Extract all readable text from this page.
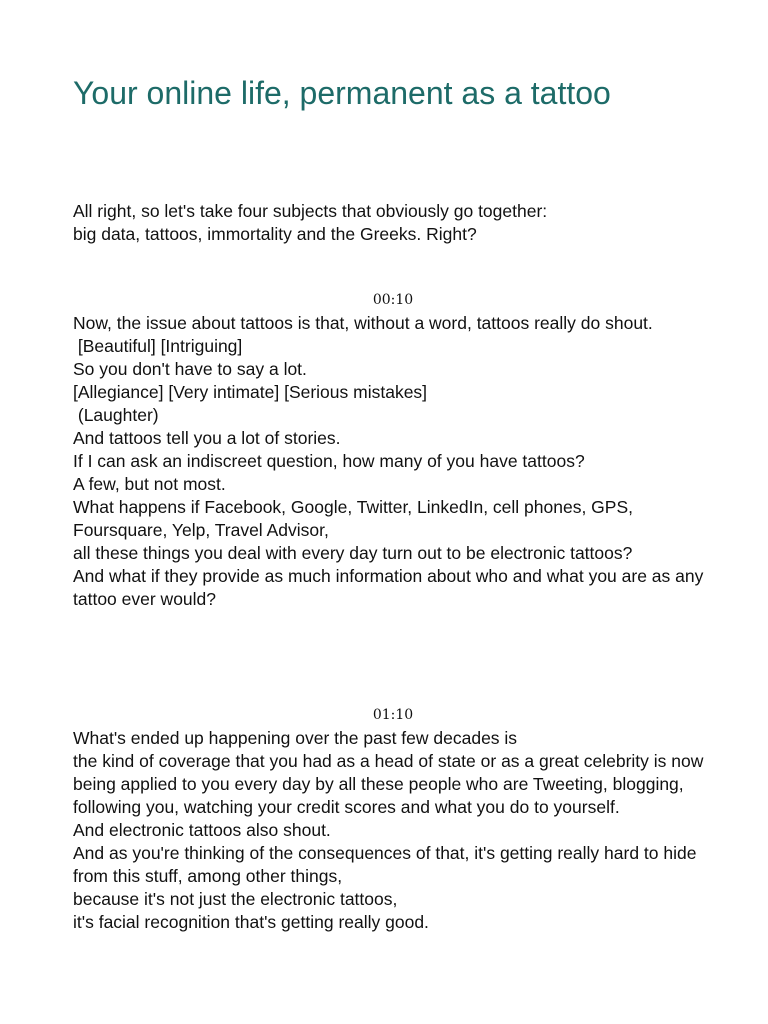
Your online life, permanent as a tattoo

All right, so let's take four subjects that obviously go together:
big data, tattoos, immortality and the Greeks. Right?

00:10
Now, the issue about tattoos is that, without a word, tattoos really do shout.
[Beautiful] [Intriguing]
So you don't have to say a lot.
[Allegiance] [Very intimate] [Serious mistakes]
(Laughter)
And tattoos tell you a lot of stories.
If I can ask an indiscreet question, how many of you have tattoos?
A few, but not most.
What happens if Facebook, Google, Twitter, LinkedIn, cell phones, GPS, Foursquare, Yelp, Travel Advisor,
all these things you deal with every day turn out to be electronic tattoos?
And what if they provide as much information about who and what you are as any tattoo ever would?
01:10
What's ended up happening over the past few decades is
the kind of coverage that you had as a head of state or as a great celebrity is now being applied to you every day by all these people who are Tweeting, blogging, following you, watching your credit scores and what you do to yourself.
And electronic tattoos also shout.
And as you're thinking of the consequences of that, it's getting really hard to hide from this stuff, among other things,
because it's not just the electronic tattoos,
it's facial recognition that's getting really good.
